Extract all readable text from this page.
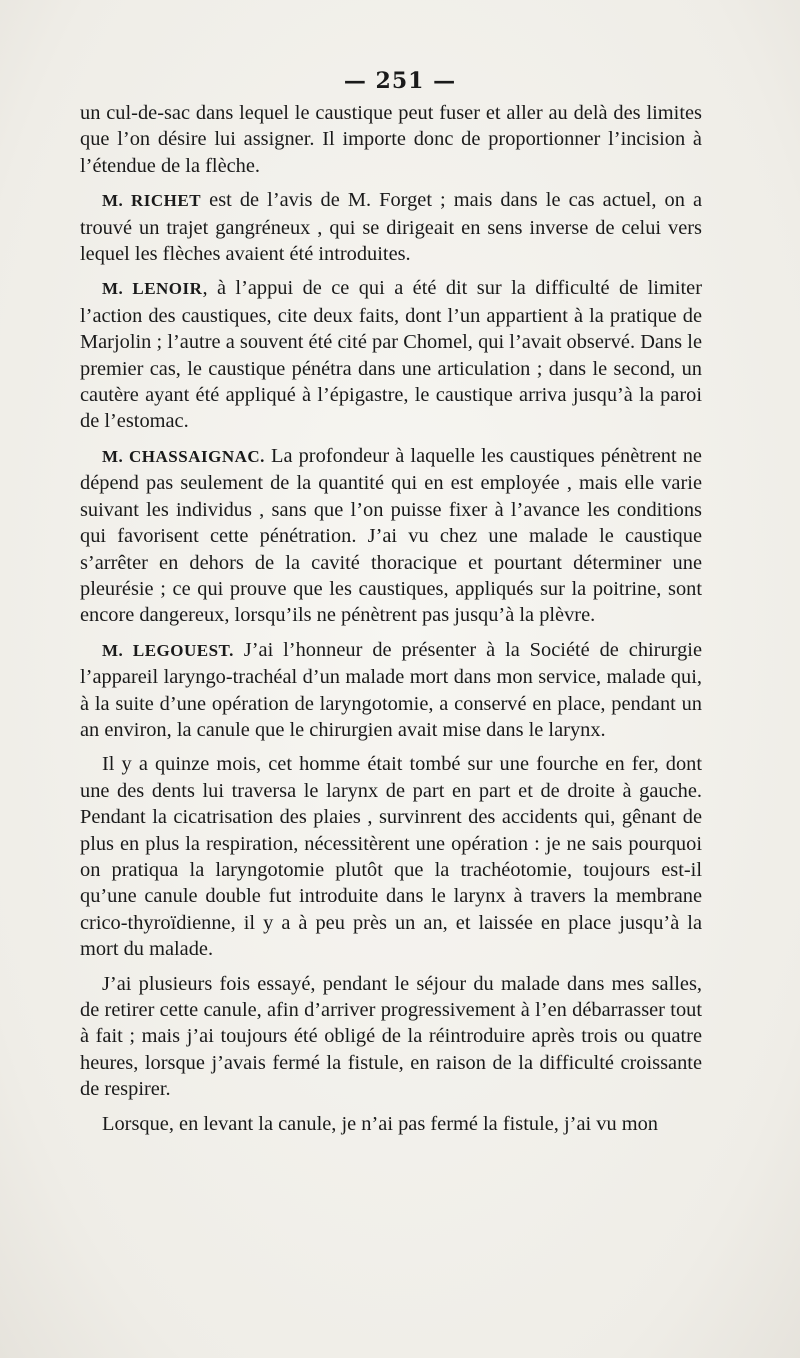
— 251 —

un cul-de-sac dans lequel le caustique peut fuser et aller au delà des limites que l’on désire lui assigner. Il importe donc de proportionner l’incision à l’étendue de la flèche.

M. RICHET est de l’avis de M. Forget ; mais dans le cas actuel, on a trouvé un trajet gangréneux , qui se dirigeait en sens inverse de celui vers lequel les flèches avaient été introduites.

M. LENOIR, à l’appui de ce qui a été dit sur la difficulté de limiter l’action des caustiques, cite deux faits, dont l’un appartient à la pratique de Marjolin ; l’autre a souvent été cité par Chomel, qui l’avait observé. Dans le premier cas, le caustique pénétra dans une articulation ; dans le second, un cautère ayant été appliqué à l’épigastre, le caustique arriva jusqu’à la paroi de l’estomac.

M. CHASSAIGNAC. La profondeur à laquelle les caustiques pénètrent ne dépend pas seulement de la quantité qui en est employée , mais elle varie suivant les individus , sans que l’on puisse fixer à l’avance les conditions qui favorisent cette pénétration. J’ai vu chez une malade le caustique s’arrêter en dehors de la cavité thoracique et pourtant déterminer une pleurésie ; ce qui prouve que les caustiques, appliqués sur la poitrine, sont encore dangereux, lorsqu’ils ne pénètrent pas jusqu’à la plèvre.

M. LEGOUEST. J’ai l’honneur de présenter à la Société de chirurgie l’appareil laryngo-trachéal d’un malade mort dans mon service, malade qui, à la suite d’une opération de laryngotomie, a conservé en place, pendant un an environ, la canule que le chirurgien avait mise dans le larynx.

Il y a quinze mois, cet homme était tombé sur une fourche en fer, dont une des dents lui traversa le larynx de part en part et de droite à gauche. Pendant la cicatrisation des plaies , survinrent des accidents qui, gênant de plus en plus la respiration, nécessitèrent une opération : je ne sais pourquoi on pratiqua la laryngotomie plutôt que la trachéotomie, toujours est-il qu’une canule double fut introduite dans le larynx à travers la membrane crico-thyroïdienne, il y a à peu près un an, et laissée en place jusqu’à la mort du malade.

J’ai plusieurs fois essayé, pendant le séjour du malade dans mes salles, de retirer cette canule, afin d’arriver progressivement à l’en débarrasser tout à fait ; mais j’ai toujours été obligé de la réintroduire après trois ou quatre heures, lorsque j’avais fermé la fistule, en raison de la difficulté croissante de respirer.

Lorsque, en levant la canule, je n’ai pas fermé la fistule, j’ai vu mon
